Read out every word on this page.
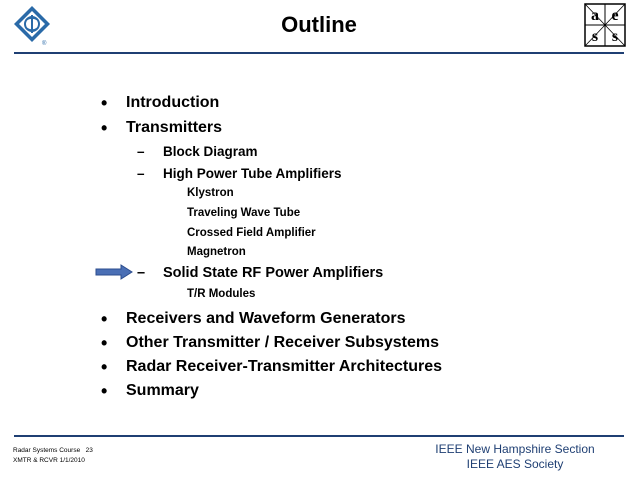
®
Outline	a e
s s
• Introduction
• Transmitters
– Block Diagram
– High Power Tube Amplifiers
Klystron
Traveling Wave Tube
Crossed Field Amplifier
Magnetron
– Solid State RF Power Amplifiers
T/R Modules
• Receivers and Waveform Generators
• Other Transmitter / Receiver Subsystems
• Radar Receiver-Transmitter Architectures
• Summary
Radar Systems Course   23
XMTR & RCVR 1/1/2010
IEEE New Hampshire Section
IEEE AES Society
